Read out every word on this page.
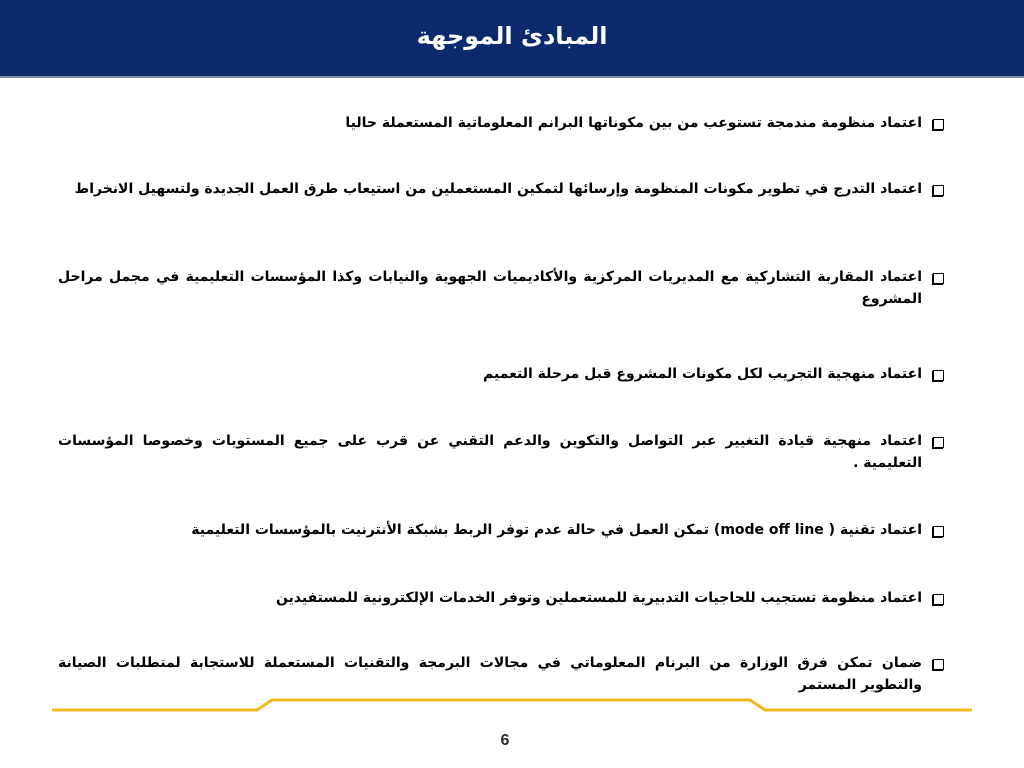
المبادئ الموجهة
اعتماد منظومة مندمجة تستوعب من بين مكوناتها البرانم المعلوماتية المستعملة حاليا
اعتماد التدرج في تطوير مكونات المنظومة وإرسائها لتمكين المستعملين من استيعاب طرق العمل الجديدة ولتسهيل الانخراط
اعتماد المقاربة التشاركية مع المديريات المركزية والأكاديميات الجهوية والنيابات وكذا المؤسسات التعليمية في مجمل مراحل المشروع
اعتماد منهجية التجريب لكل مكونات المشروع قبل مرحلة التعميم
اعتماد منهجية قيادة التغيير عبر التواصل والتكوين والدعم التقني عن قرب على جميع المستويات وخصوصا المؤسسات التعليمية .
اعتماد تقنية ( mode off line) تمكن العمل في حالة عدم توفر الربط بشبكة الأنترنيت بالمؤسسات التعليمية
اعتماد منظومة تستجيب للحاجيات التدبيرية للمستعملين وتوفر الخدمات الإلكترونية للمستفيدين
ضمان تمكن فرق الوزارة من البرنام المعلوماتي في مجالات البرمجة والتقنيات المستعملة للاستجابة لمتطلبات الصيانة والتطوير المستمر
6
